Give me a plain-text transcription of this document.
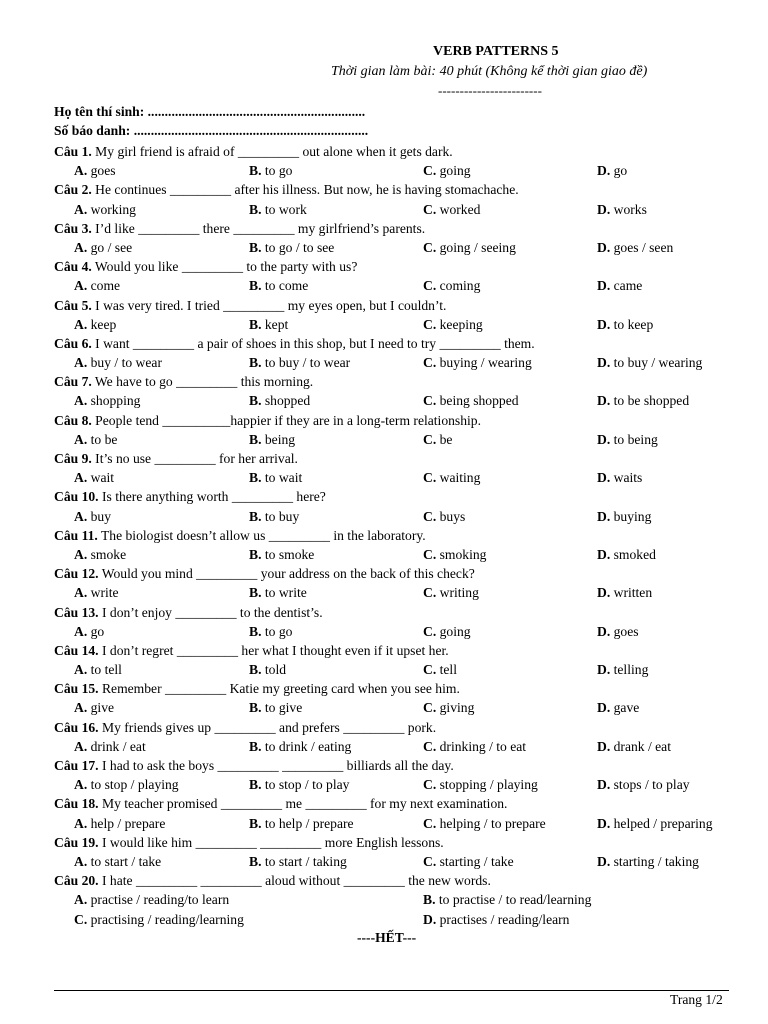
VERB PATTERNS 5
Thời gian làm bài: 40 phút (Không kể thời gian giao đề)
------------------------
Họ tên thí sinh: ................................................................
Số báo danh: .....................................................................
Câu 1. My girl friend is afraid of _________ out alone when it gets dark.
A. goes	B. to go	C. going	D. go
Câu 2. He continues _________ after his illness. But now, he is having stomachache.
A. working	B. to work	C. worked	D. works
Câu 3. I’d like _________ there _________ my girlfriend’s parents.
A. go / see	B. to go / to see	C. going / seeing	D. goes / seen
Câu 4. Would you like _________ to the party with us?
A. come	B. to come	C. coming	D. came
Câu 5. I was very tired. I tried _________ my eyes open, but I couldn’t.
A. keep	B. kept	C. keeping	D. to keep
Câu 6. I want _________ a pair of shoes in this shop, but I need to try _________ them.
A. buy / to wear	B. to buy / to wear	C. buying / wearing	D. to buy / wearing
Câu 7. We have to go _________ this morning.
A. shopping	B. shopped	C. being shopped	D. to be shopped
Câu 8. People tend __________happier if they are in a long-term relationship.
A. to be	B. being	C. be	D. to being
Câu 9. It’s no use _________ for her arrival.
A. wait	B. to wait	C. waiting	D. waits
Câu 10. Is there anything worth _________ here?
A. buy	B. to buy	C. buys	D. buying
Câu 11. The biologist doesn’t allow us _________ in the laboratory.
A. smoke	B. to smoke	C. smoking	D. smoked
Câu 12. Would you mind _________ your address on the back of this check?
A. write	B. to write	C. writing	D. written
Câu 13. I don’t enjoy _________ to the dentist’s.
A. go	B. to go	C. going	D. goes
Câu 14. I don’t regret _________ her what I thought even if it upset her.
A. to tell	B. told	C. tell	D. telling
Câu 15. Remember _________ Katie my greeting card when you see him.
A. give	B. to give	C. giving	D. gave
Câu 16. My friends gives up _________ and prefers _________ pork.
A. drink / eat	B. to drink / eating	C. drinking / to eat	D. drank / eat
Câu 17. I had to ask the boys _________ _________ billiards all the day.
A. to stop / playing	B. to stop / to play	C. stopping / playing	D. stops / to play
Câu 18. My teacher promised _________ me _________ for my next examination.
A. help / prepare	B. to help / prepare	C. helping / to prepare	D. helped / preparing
Câu 19. I would like him _________ _________ more English lessons.
A. to start / take	B. to start / taking	C. starting / take	D. starting / taking
Câu 20. I hate _________ _________ aloud without _________ the new words.
A. practise / reading/to learn	B. to practise / to read/learning
C. practising / reading/learning	D. practises / reading/learn
----HẾT---
Trang 1/2
